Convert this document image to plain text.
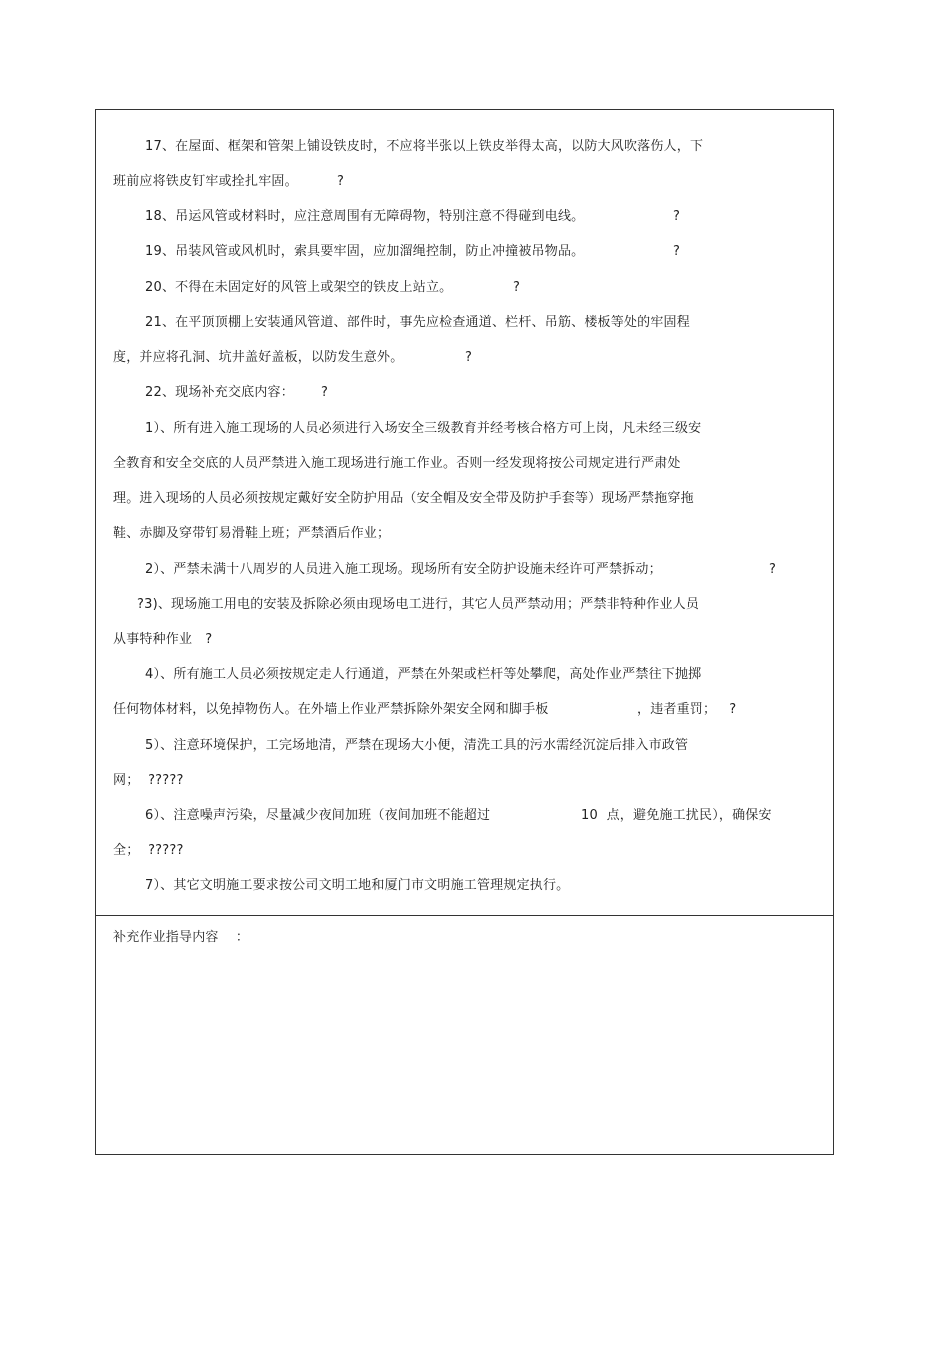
17、在屋面、框架和管架上铺设铁皮时，不应将半张以上铁皮举得太高，以防大风吹落伤人，下
班前应将铁皮钉牢或拴扎牢固。	?
18、吊运风管或材料时，应注意周围有无障碍物，特别注意不得碰到电线。	?
19、吊装风管或风机时，索具要牢固，应加溜绳控制，防止冲撞被吊物品。	?
20、不得在未固定好的风管上或架空的铁皮上站立。	?
21、在平顶顶棚上安装通风管道、部件时，事先应检查通道、栏杆、吊筋、楼板等处的牢固程
度，并应将孔洞、坑井盖好盖板，以防发生意外。	?
22、现场补充交底内容： ?
1）、所有进入施工现场的人员必须进行入场安全三级教育并经考核合格方可上岗，凡未经三级安
全教育和安全交底的人员严禁进入施工现场进行施工作业。否则一经发现将按公司规定进行严肃处
理。进入现场的人员必须按规定戴好安全防护用品（安全帽及安全带及防护手套等）现场严禁拖穿拖
鞋、赤脚及穿带钉易滑鞋上班；严禁酒后作业；
2）、严禁未满十八周岁的人员进入施工现场。现场所有安全防护设施未经许可严禁拆动；	?
?3)、现场施工用电的安装及拆除必须由现场电工进行，其它人员严禁动用；严禁非特种作业人员
从事特种作业   ?
4）、所有施工人员必须按规定走人行通道，严禁在外架或栏杆等处攀爬，高处作业严禁往下抛掷
任何物体材料，以免掉物伤人。在外墙上作业严禁拆除外架安全网和脚手板	，违者重罚；   ?
5）、注意环境保护，工完场地清，严禁在现场大小便，清洗工具的污水需经沉淀后排入市政管
网；  ?????
6）、注意噪声污染，尽量减少夜间加班（夜间加班不能超过	10  点，避免施工扰民），确保安
全；  ?????
7）、其它文明施工要求按公司文明工地和厦门市文明施工管理规定执行。
补充作业指导内容    ：
